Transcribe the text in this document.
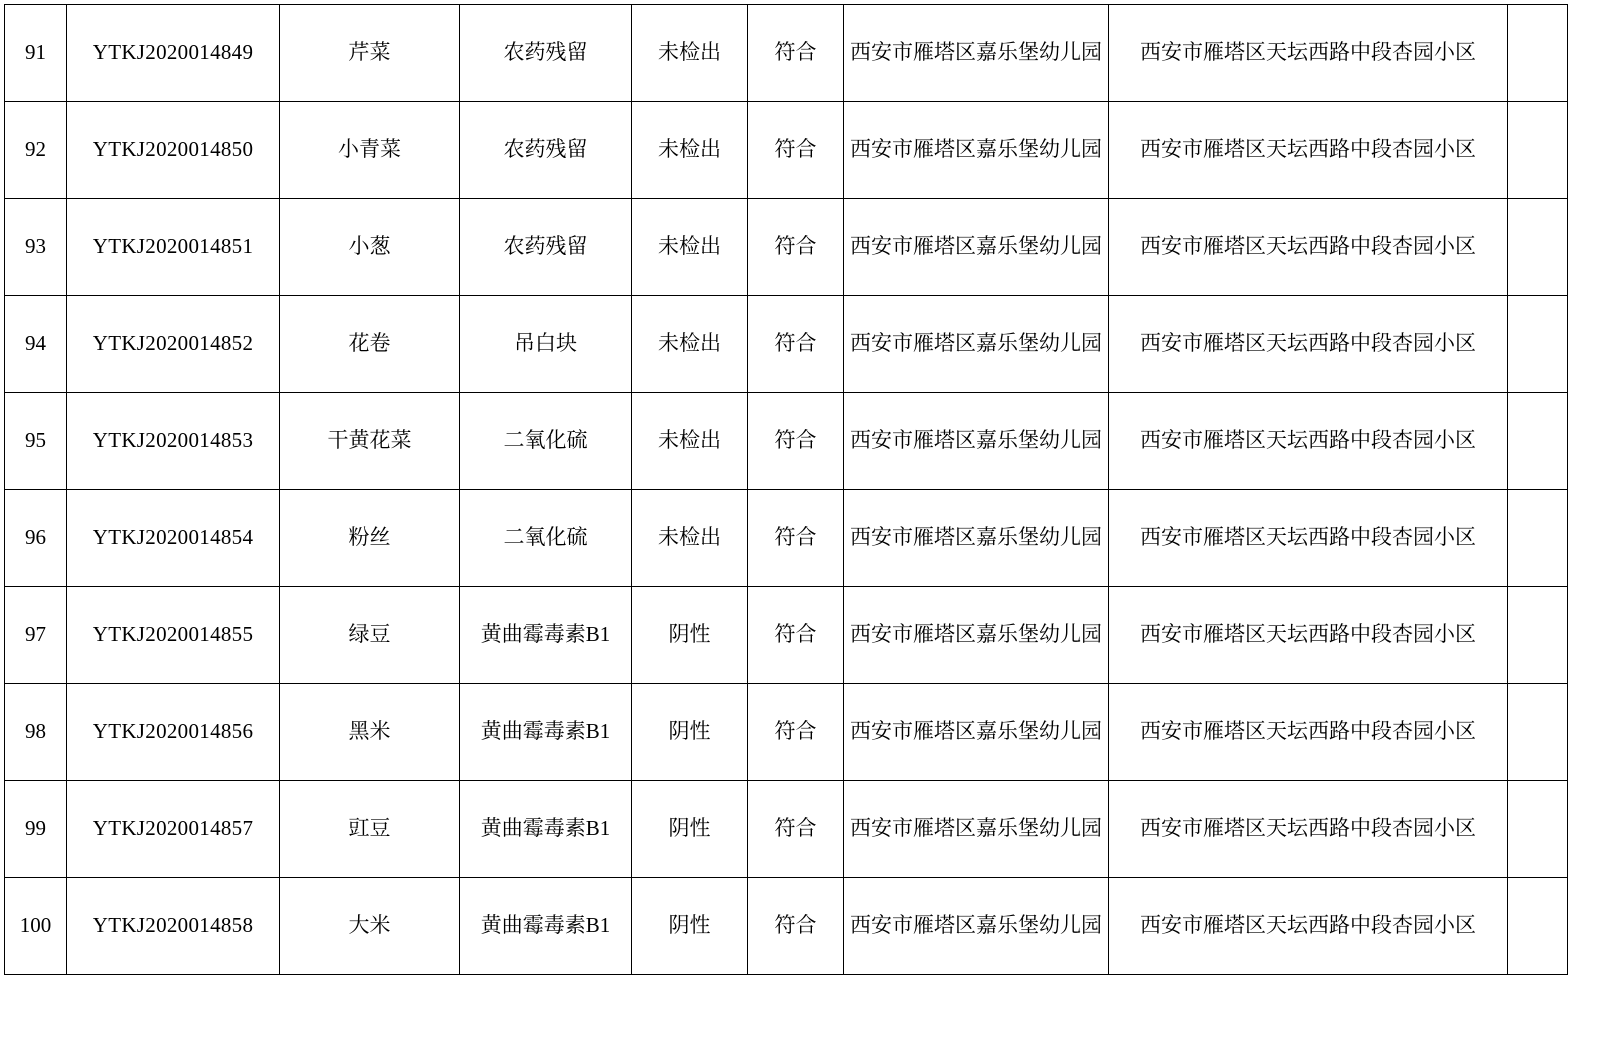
91	YTKJ2020014849	芹菜	农药残留	未检出	符合	西安市雁塔区嘉乐堡幼儿园	西安市雁塔区天坛西路中段杏园小区	
92	YTKJ2020014850	小青菜	农药残留	未检出	符合	西安市雁塔区嘉乐堡幼儿园	西安市雁塔区天坛西路中段杏园小区	
93	YTKJ2020014851	小葱	农药残留	未检出	符合	西安市雁塔区嘉乐堡幼儿园	西安市雁塔区天坛西路中段杏园小区	
94	YTKJ2020014852	花卷	吊白块	未检出	符合	西安市雁塔区嘉乐堡幼儿园	西安市雁塔区天坛西路中段杏园小区	
95	YTKJ2020014853	干黄花菜	二氧化硫	未检出	符合	西安市雁塔区嘉乐堡幼儿园	西安市雁塔区天坛西路中段杏园小区	
96	YTKJ2020014854	粉丝	二氧化硫	未检出	符合	西安市雁塔区嘉乐堡幼儿园	西安市雁塔区天坛西路中段杏园小区	
97	YTKJ2020014855	绿豆	黄曲霉毒素B1	阴性	符合	西安市雁塔区嘉乐堡幼儿园	西安市雁塔区天坛西路中段杏园小区	
98	YTKJ2020014856	黑米	黄曲霉毒素B1	阴性	符合	西安市雁塔区嘉乐堡幼儿园	西安市雁塔区天坛西路中段杏园小区	
99	YTKJ2020014857	豇豆	黄曲霉毒素B1	阴性	符合	西安市雁塔区嘉乐堡幼儿园	西安市雁塔区天坛西路中段杏园小区	
100	YTKJ2020014858	大米	黄曲霉毒素B1	阴性	符合	西安市雁塔区嘉乐堡幼儿园	西安市雁塔区天坛西路中段杏园小区	
